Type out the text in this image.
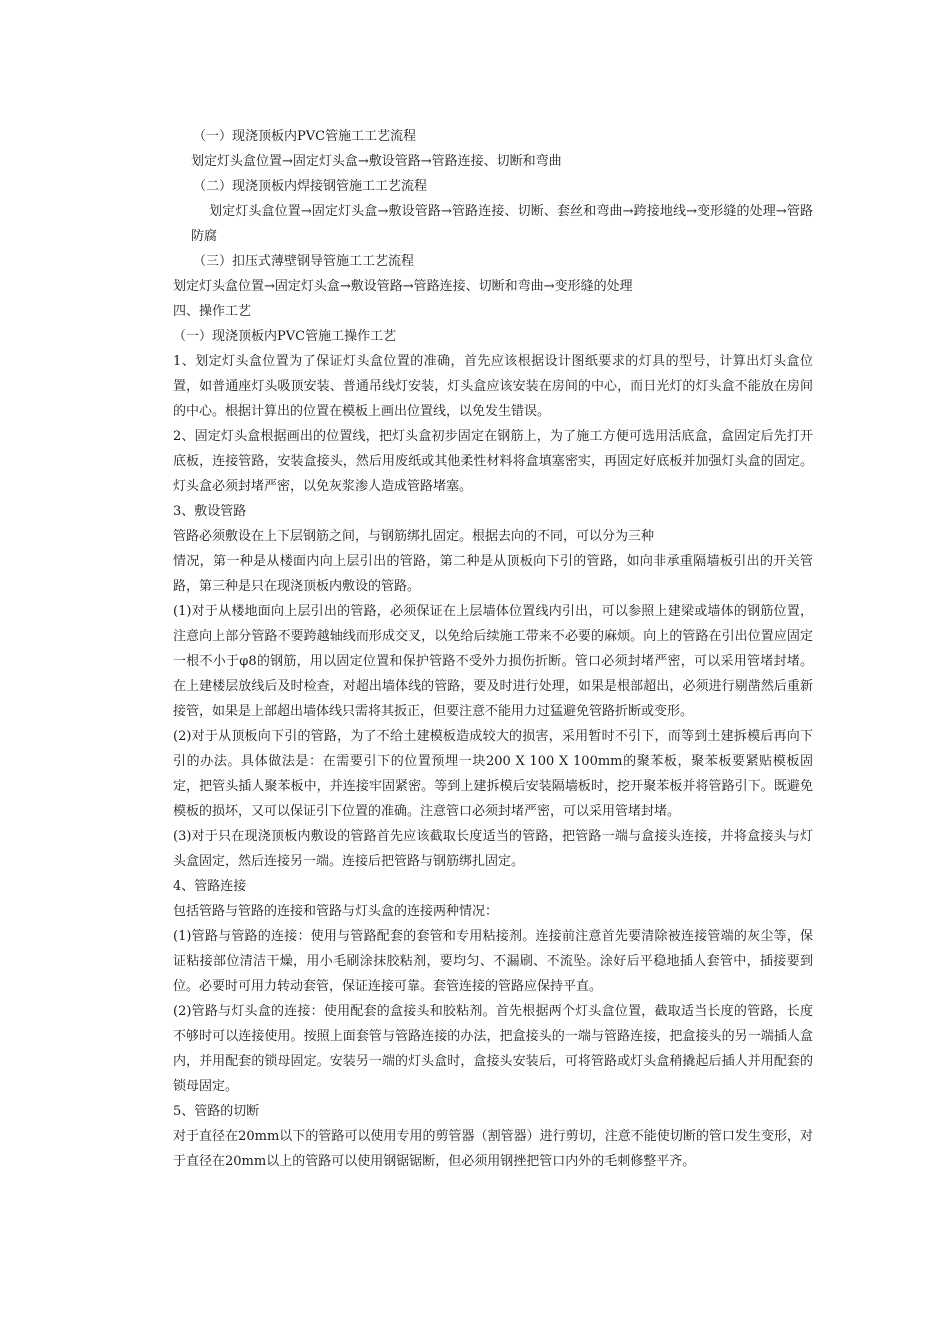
（一）现浇顶板内PVC管施工工艺流程

划定灯头盒位置→固定灯头盒→敷设管路→管路连接、切断和弯曲

（二）现浇顶板内焊接钢管施工工艺流程

划定灯头盒位置→固定灯头盒→敷设管路→管路连接、切断、套丝和弯曲→跨接地线→变形缝的处理→管路防腐

（三）扣压式薄壁钢导管施工工艺流程

划定灯头盒位置→固定灯头盒→敷设管路→管路连接、切断和弯曲→变形缝的处理

四、操作工艺

（一）现浇顶板内PVC管施工操作工艺

1、划定灯头盒位置为了保证灯头盒位置的准确，首先应该根据设计图纸要求的灯具的型号，计算出灯头盒位置，如普通座灯头吸顶安装、普通吊线灯安装，灯头盒应该安装在房间的中心，而日光灯的灯头盒不能放在房间的中心。根据计算出的位置在模板上画出位置线，以免发生错误。

2、固定灯头盒根据画出的位置线，把灯头盒初步固定在钢筋上，为了施工方便可选用活底盒，盒固定后先打开底板，连接管路，安装盒接头，然后用废纸或其他柔性材料将盒填塞密实，再固定好底板并加强灯头盒的固定。灯头盒必须封堵严密，以免灰浆渗人造成管路堵塞。

3、敷设管路

管路必须敷设在上下层钢筋之间，与钢筋绑扎固定。根据去向的不同，可以分为三种

情况，第一种是从楼面内向上层引出的管路，第二种是从顶板向下引的管路，如向非承重隔墙板引出的开关管路，第三种是只在现浇顶板内敷设的管路。

(1)对于从楼地面向上层引出的管路，必须保证在上层墙体位置线内引出，可以参照上建梁或墙体的钢筋位置，注意向上部分管路不要跨越轴线而形成交叉，以免给后续施工带来不必要的麻烦。向上的管路在引出位置应固定一根不小于φ8的钢筋，用以固定位置和保护管路不受外力损伤折断。管口必须封堵严密，可以采用管堵封堵。在上建楼层放线后及时检查，对超出墙体线的管路，要及时进行处理，如果是根部超出，必须进行剔凿然后重新接管，如果是上部超出墙体线只需将其扳正，但要注意不能用力过猛避免管路折断或变形。

(2)对于从顶板向下引的管路，为了不给土建模板造成较大的损害，采用暂时不引下，而等到土建拆模后再向下引的办法。具体做法是：在需要引下的位置预埋一块200 X 100 X 100mm的聚苯板，聚苯板要紧贴模板固定，把管头插人聚苯板中，并连接牢固紧密。等到上建拆模后安装隔墙板时，挖开聚苯板并将管路引下。既避免模板的损坏，又可以保证引下位置的准确。注意管口必须封堵严密，可以采用管堵封堵。

(3)对于只在现浇顶板内敷设的管路首先应该截取长度适当的管路，把管路一端与盒接头连接，并将盒接头与灯头盒固定，然后连接另一端。连接后把管路与钢筋绑扎固定。

4、管路连接

包括管路与管路的连接和管路与灯头盒的连接两种情况：

(1)管路与管路的连接：使用与管路配套的套管和专用粘接剂。连接前注意首先要清除被连接管端的灰尘等，保证粘接部位清洁干燥，用小毛刷涂抹胶粘剂，要均匀、不漏刷、不流坠。涂好后平稳地插人套管中，插接要到位。必要时可用力转动套管，保证连接可靠。套管连接的管路应保持平直。

(2)管路与灯头盒的连接：使用配套的盒接头和胶粘剂。首先根据两个灯头盒位置，截取适当长度的管路，长度不够时可以连接使用。按照上面套管与管路连接的办法，把盒接头的一端与管路连接，把盒接头的另一端插人盒内，并用配套的锁母固定。安装另一端的灯头盒时，盒接头安装后，可将管路或灯头盒稍撬起后插人并用配套的锁母固定。

5、管路的切断

对于直径在20mm以下的管路可以使用专用的剪管器（割管器）进行剪切，注意不能使切断的管口发生变形，对于直径在20mm以上的管路可以使用钢锯锯断，但必须用钢挫把管口内外的毛刺修整平齐。
